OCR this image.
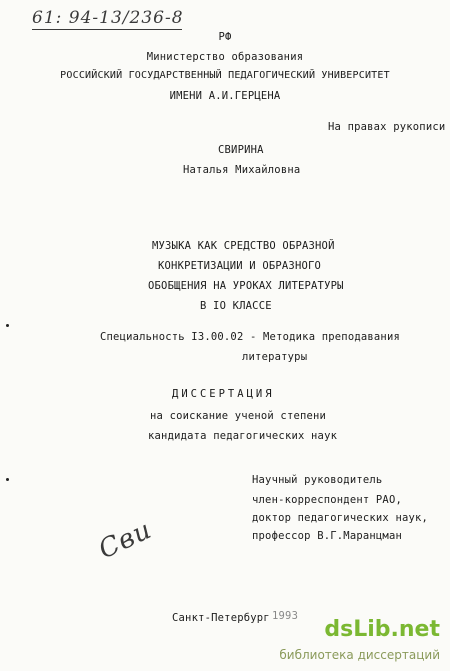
61: 94-13/236-8
РФ
Министерство образования
РОССИЙСКИЙ ГОСУДАРСТВЕННЫЙ ПЕДАГОГИЧЕСКИЙ УНИВЕРСИТЕТ
ИМЕНИ А.И.ГЕРЦЕНА
На правах рукописи
СВИРИНА
Наталья Михайловна
МУЗЫКА КАК СРЕДСТВО ОБРАЗНОЙ
КОНКРЕТИЗАЦИИ И ОБРАЗНОГО
ОБОБЩЕНИЯ НА УРОКАХ ЛИТЕРАТУРЫ
В IO КЛАССЕ
Специальность I3.00.02 - Методика преподавания
литературы
ДИССЕРТАЦИЯ
на соискание ученой степени
кандидата педагогических наук
Научный руководитель
член-корреспондент РАО,
доктор педагогических наук,
профессор В.Г.Маранцман
Сви
Санкт-Петербург 1993
dsLib.net
библиотека диссертаций
